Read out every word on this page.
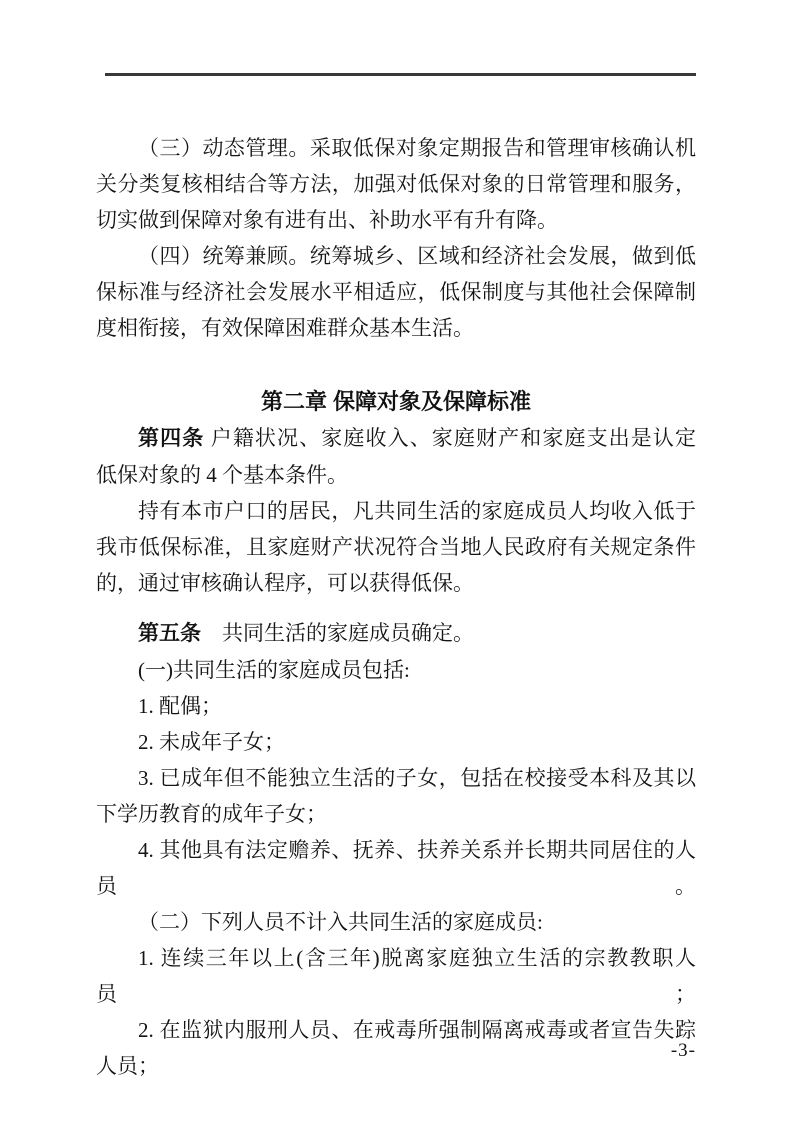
（三）动态管理。采取低保对象定期报告和管理审核确认机
关分类复核相结合等方法，加强对低保对象的日常管理和服务，
切实做到保障对象有进有出、补助水平有升有降。
（四）统筹兼顾。统筹城乡、区域和经济社会发展，做到低
保标准与经济社会发展水平相适应，低保制度与其他社会保障制
度相衔接，有效保障困难群众基本生活。
第二章 保障对象及保障标准
第四条 户籍状况、家庭收入、家庭财产和家庭支出是认定
低保对象的 4 个基本条件。
持有本市户口的居民，凡共同生活的家庭成员人均收入低于
我市低保标准，且家庭财产状况符合当地人民政府有关规定条件
的，通过审核确认程序，可以获得低保。
第五条　共同生活的家庭成员确定。
(一)共同生活的家庭成员包括:
1. 配偶；
2. 未成年子女；
3. 已成年但不能独立生活的子女，包括在校接受本科及其以
下学历教育的成年子女；
4. 其他具有法定赡养、抚养、扶养关系并长期共同居住的人员。
（二）下列人员不计入共同生活的家庭成员:
1. 连续三年以上(含三年)脱离家庭独立生活的宗教教职人员；
2. 在监狱内服刑人员、在戒毒所强制隔离戒毒或者宣告失踪
人员；
-3-
